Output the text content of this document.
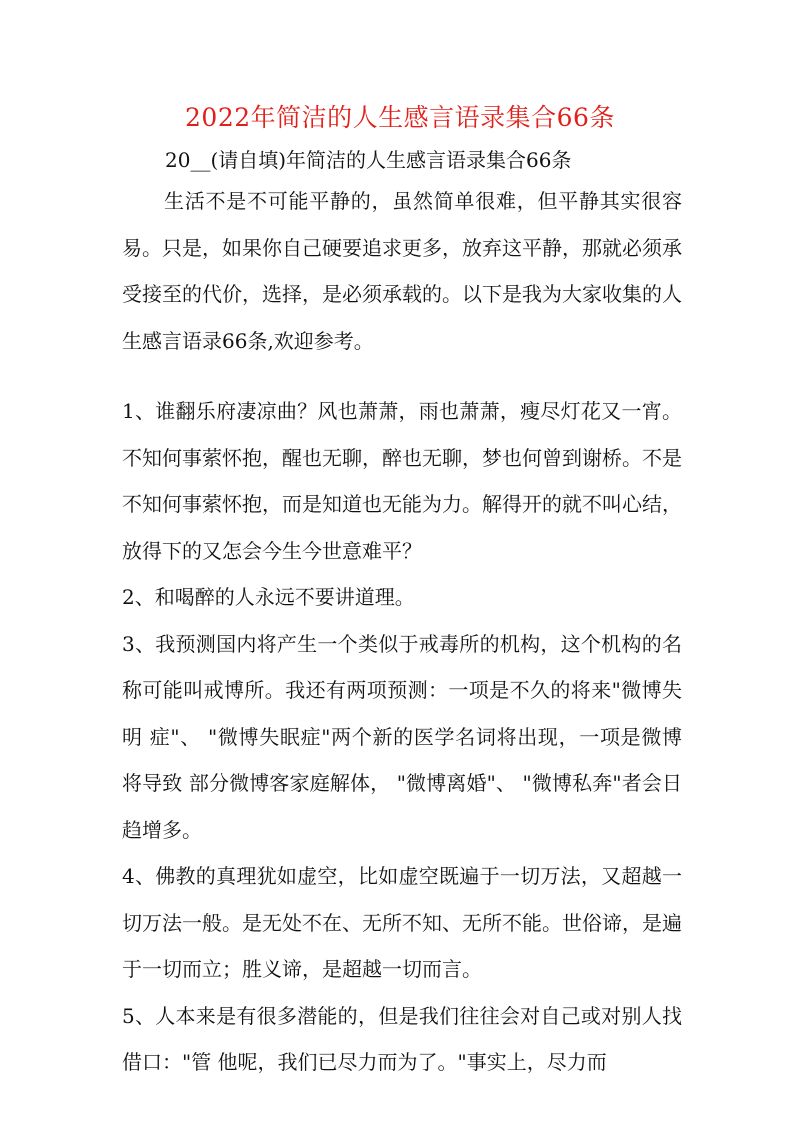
2022年简洁的人生感言语录集合66条
20__(请自填)年简洁的人生感言语录集合66条
生活不是不可能平静的，虽然简单很难，但平静其实很容易。只是，如果你自己硬要追求更多，放弃这平静，那就必须承受接至的代价，选择，是必须承载的。以下是我为大家收集的人生感言语录66条,欢迎参考。

1、谁翻乐府凄凉曲？风也萧萧，雨也萧萧，瘦尽灯花又一宵。不知何事萦怀抱，醒也无聊，醉也无聊，梦也何曾到谢桥。不是不知何事萦怀抱，而是知道也无能为力。解得开的就不叫心结，放得下的又怎会今生今世意难平？

2、和喝醉的人永远不要讲道理。

3、我预测国内将产生一个类似于戒毒所的机构，这个机构的名 称可能叫戒博所。我还有两项预测：一项是不久的将来"微博失明 症"、 "微博失眠症"两个新的医学名词将出现，一项是微博将导致 部分微博客家庭解体， "微博离婚"、 "微博私奔"者会日趋增多。

4、佛教的真理犹如虚空，比如虚空既遍于一切万法，又超越一切万法一般。是无处不在、无所不知、无所不能。世俗谛，是遍于一切而立；胜义谛，是超越一切而言。

5、人本来是有很多潜能的，但是我们往往会对自己或对别人找借口："管 他呢，我们已尽力而为了。"事实上，尽力而
